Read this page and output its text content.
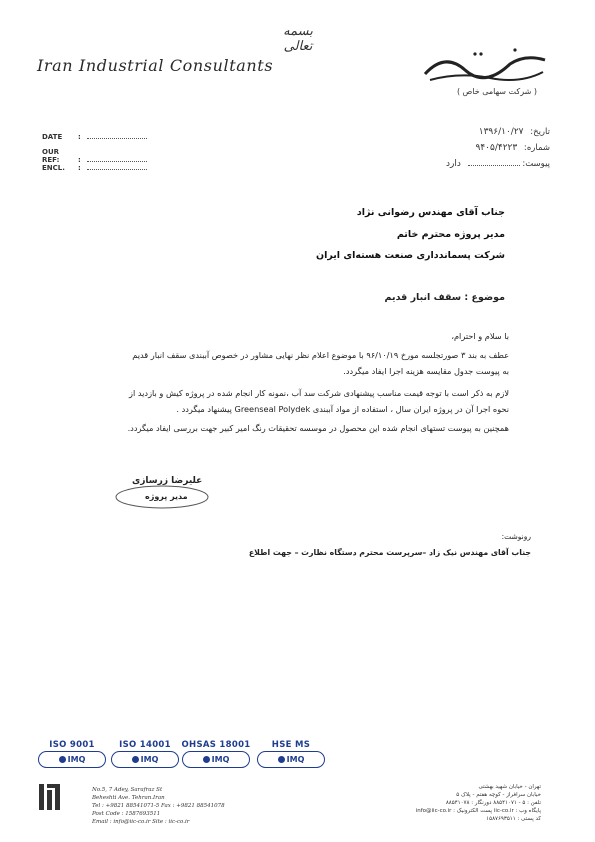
بسمه تعالی
Iran Industrial Consultants
( شرکت سهامی خاص )
DATE :
OUR REF:	:
ENCL. :
تاریخ: ۱۳۹۶/۱۰/۲۷
شماره: ۹۴۰۵/۴۲۲۳
پیوست:  دارد
جناب آقای مهندس رضوانی نژاد
مدیر پروژه محترم خاتم
شرکت پسماندداری صنعت هسته‌ای ایران
موضوع : سقف انبار قدیم
با سلام و احترام،
عطف به بند ۳ صورتجلسه مورخ ۹۶/۱۰/۱۹ با موضوع اعلام نظر نهایی مشاور در خصوص آببندی سقف انبار قدیم
به پیوست جدول مقایسه هزینه اجرا ایفاد میگردد.
لازم به ذکر است با توجه قیمت مناسب پیشنهادی شرکت سد آب ،نمونه کار انجام شده در پروژه کیش و بازدید از
نحوه اجرا آن در پروژه ایران سال ، استفاده از مواد آببندی Greenseal Polydek پیشنهاد میگردد .
همچنین به پیوست تستهای انجام شده این محصول در موسسه تحقیقات رنگ امیر کبیر جهت بررسی ایفاد میگردد.
علیرضا زرسازی
مدیر پروژه
رونوشت:
جناب آقای مهندس نیک زاد –سرپرست محترم دستگاه نظارت – جهت اطلاع
ISO 9001
IMQ
ISO 14001
IMQ
OHSAS 18001
IMQ
HSE MS
IMQ
No.5, 7 Adey, Sarafraz St
Beheshti Ave. Tehran.Iran
Tel : +9821 88541071-5 Fax : +9821 88541078
Post Code : 1587693511
Email : info@iic-co.ir Site : iic-co.ir
تهران - خیابان شهید بهشتی
خیابان سرافراز - کوچه هفتم - پلاک ۵
تلفن : ۵ - ۸۸۵۴۱۰۷۱ دورنگار : ۸۸۵۴۱۰۷۸
پایگاه وب : iic-co.ir پست الکترونیک : info@iic-co.ir
کد پستی : ۱۵۸۷۶۹۳۵۱۱
